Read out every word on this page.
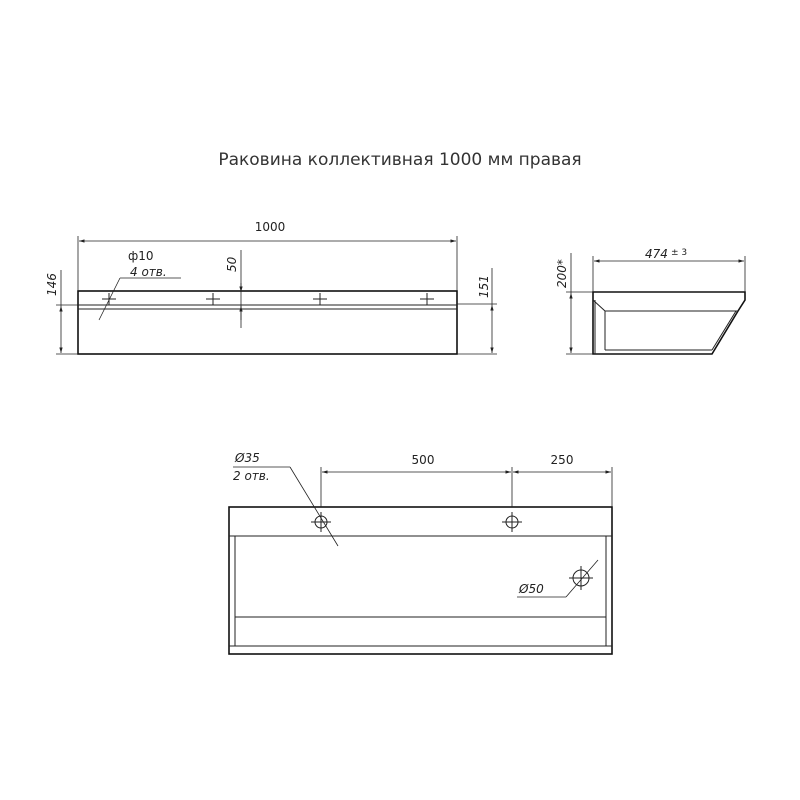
Раковина коллективная 1000 мм правая
1000
ф10
4 отв.	50
146	151
474 ± 3
200*
500	250
Ø35
2 отв.
Ø50
